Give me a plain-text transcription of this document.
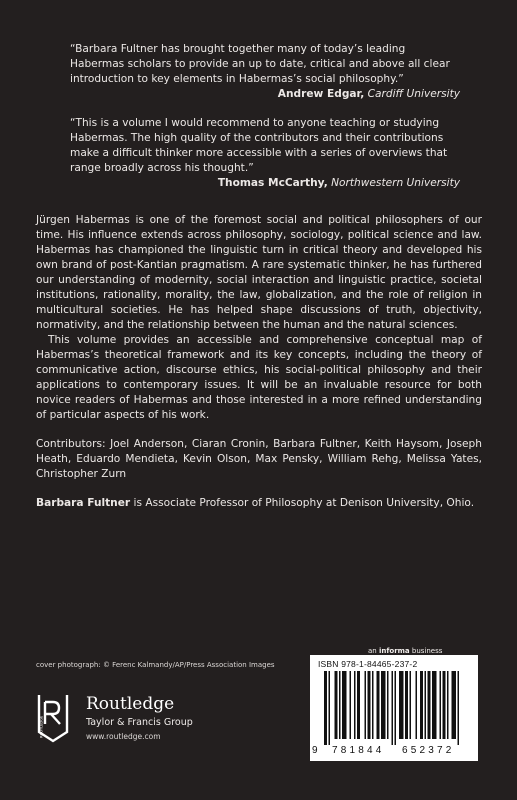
“Barbara Fultner has brought together many of today’s leading Habermas scholars to provide an up to date, critical and above all clear introduction to key elements in Habermas’s social philosophy.”

Andrew Edgar, Cardiff University

“This is a volume I would recommend to anyone teaching or studying Habermas. The high quality of the contributors and their contributions make a difficult thinker more accessible with a series of overviews that range broadly across his thought.”

Thomas McCarthy, Northwestern University

Jürgen Habermas is one of the foremost social and political philosophers of our time. His influence extends across philosophy, sociology, political science and law. Habermas has championed the linguistic turn in critical theory and developed his own brand of post-Kantian pragmatism. A rare systematic thinker, he has furthered our understanding of modernity, social interaction and linguistic practice, societal institutions, rationality, morality, the law, globalization, and the role of religion in multicultural societies. He has helped shape discussions of truth, objectivity, normativity, and the relationship between the human and the natural sciences.

This volume provides an accessible and comprehensive conceptual map of Habermas’s theoretical framework and its key concepts, including the theory of communicative action, discourse ethics, his social-political philosophy and their applications to contemporary issues. It will be an invaluable resource for both novice readers of Habermas and those interested in a more refined understanding of particular aspects of his work.

Contributors: Joel Anderson, Ciaran Cronin, Barbara Fultner, Keith Haysom, Joseph Heath, Eduardo Mendieta, Kevin Olson, Max Pensky, William Rehg, Melissa Yates, Christopher Zurn

Barbara Fultner is Associate Professor of Philosophy at Denison University, Ohio.

an informa business
cover photograph: © Ferenc Kalmandy/AP/Press Association Images
ROUTLEDGE
Routledge
Taylor & Francis Group
www.routledge.com
ISBN 978-1-84465-237-2
9 781844 652372
